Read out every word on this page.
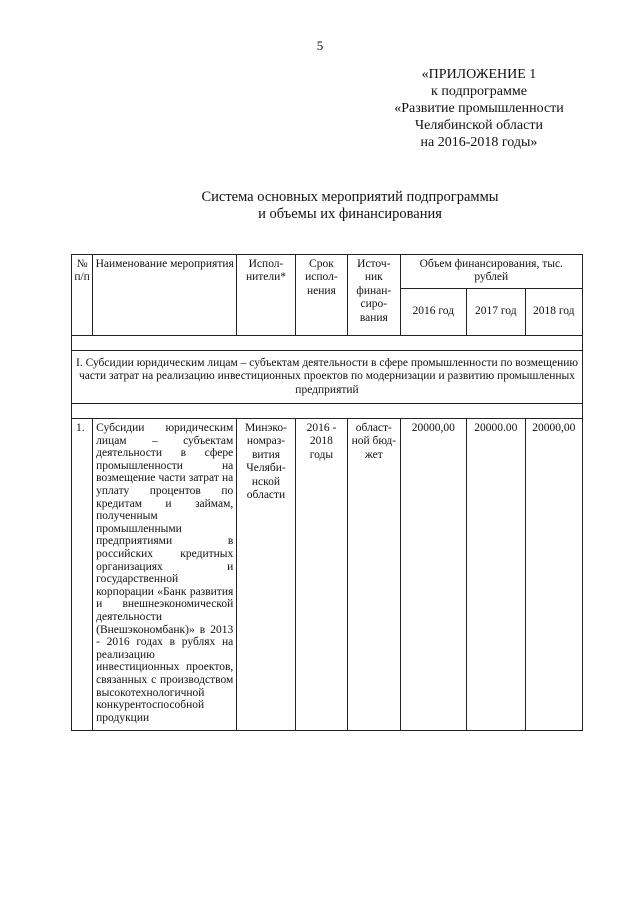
5
«ПРИЛОЖЕНИЕ 1
к подпрограмме
«Развитие промышленности
Челябинской области
на 2016-2018 годы»
Система основных мероприятий подпрограммы
и объемы их финансирования
№ п/п	Наименование мероприятия	Испол-нители*	Срок испол-нения	Источ-ник финан-сиро-вания	Объем финансирования, тыс. рублей		
					2016 год	2017 год	2018 год

I. Субсидии юридическим лицам – субъектам деятельности в сфере промышленности по возмещению части затрат на реализацию инвестиционных проектов по модернизации и развитию промышленных предприятий							

1.	Субсидии юридическим лицам – субъектам деятельности в сфере промышленности на возмещение части затрат на уплату процентов по кредитам и займам, полученным промышленными предприятиями в российских кредитных организациях и государственной корпорации «Банк развития и внешнеэкономической деятельности (Внешэкономбанк)» в 2013 - 2016 годах в рублях на реализацию инвестиционных проектов, связанных с производством высокотехнологичной конкурентоспособной продукции	Минэко-номраз-вития Челяби-нской области	2016 - 2018 годы	област-ной бюд-жет	20000,00	20000.00	20000,00
